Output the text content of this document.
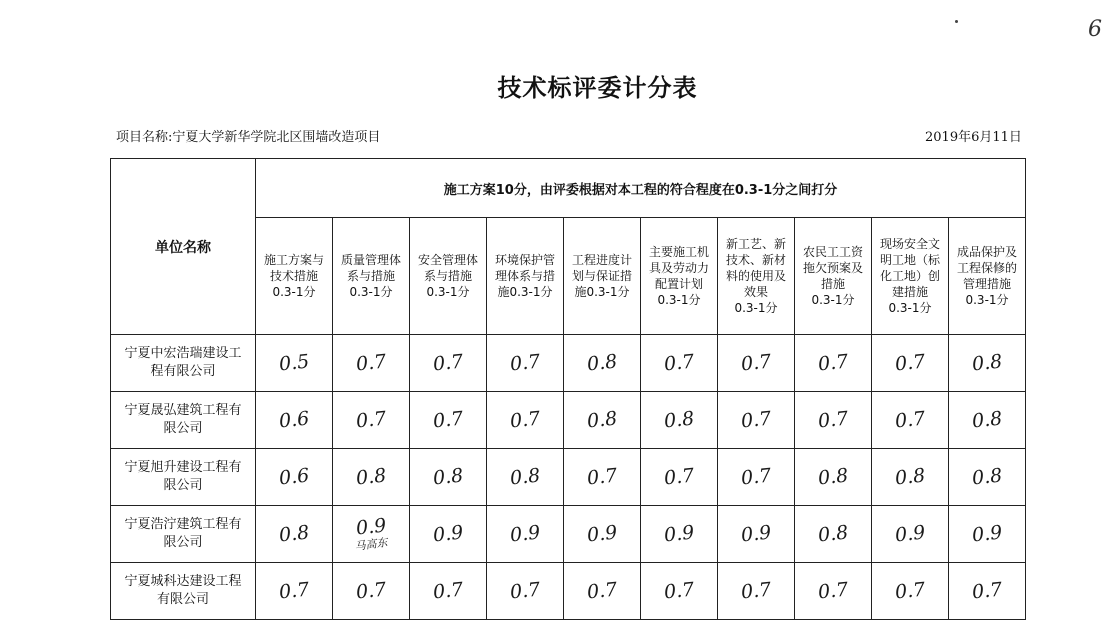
6
技术标评委计分表
项目名称:宁夏大学新华学院北区围墙改造项目	2019年6月11日
单位名称	施工方案10分，由评委根据对本工程的符合程度在0.3-1分之间打分	
	施工方案与
技术措施
0.3-1分	质量管理体
系与措施
0.3-1分	安全管理体
系与措施
0.3-1分	环境保护管
理体系与措
施0.3-1分	工程进度计
划与保证措
施0.3-1分	主要施工机
具及劳动力
配置计划
0.3-1分	新工艺、新
技术、新材
料的使用及
效果
0.3-1分	农民工工资
拖欠预案及
措施
0.3-1分	现场安全文
明工地（标
化工地）创
建措施
0.3-1分	成品保护及
工程保修的
管理措施
0.3-1分	
宁夏中宏浩瑞建设工
程有限公司	0.5	0.7	0.7	0.7	0.8	0.7	0.7	0.7	0.7	0.8	
宁夏晟弘建筑工程有
限公司	0.6	0.7	0.7	0.7	0.8	0.8	0.7	0.7	0.7	0.8	
宁夏旭升建设工程有
限公司	0.6	0.8	0.8	0.8	0.7	0.7	0.7	0.8	0.8	0.8	
宁夏浩泞建筑工程有
限公司	0.8	0.9
马高东	0.9	0.9	0.9	0.9	0.9	0.8	0.9	0.9	
宁夏城科达建设工程
有限公司	0.7	0.7	0.7	0.7	0.7	0.7	0.7	0.7	0.7	0.7	
